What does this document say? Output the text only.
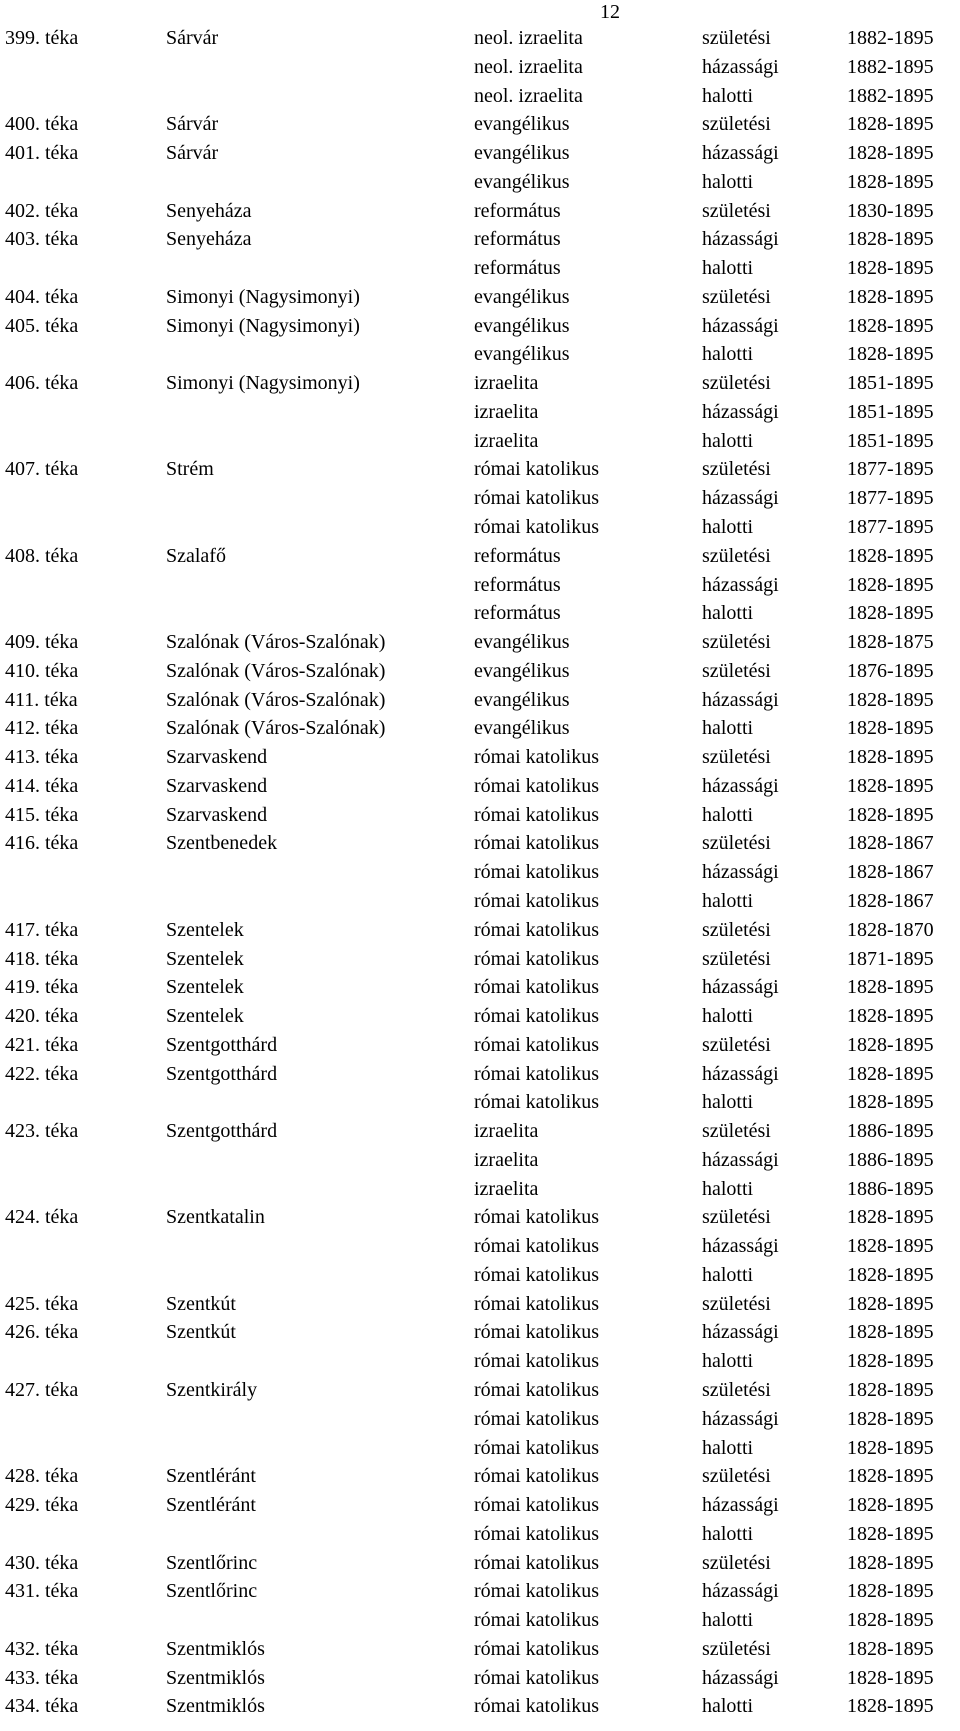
12
399. téka	Sárvár	neol. izraelita	születési	1882-1895
neol. izraelita	házassági	1882-1895
neol. izraelita	halotti	1882-1895
400. téka	Sárvár	evangélikus	születési	1828-1895
401. téka	Sárvár	evangélikus	házassági	1828-1895
evangélikus	halotti	1828-1895
402. téka	Senyeháza	református	születési	1830-1895
403. téka	Senyeháza	református	házassági	1828-1895
református	halotti	1828-1895
404. téka	Simonyi (Nagysimonyi)	evangélikus	születési	1828-1895
405. téka	Simonyi (Nagysimonyi)	evangélikus	házassági	1828-1895
evangélikus	halotti	1828-1895
406. téka	Simonyi (Nagysimonyi)	izraelita	születési	1851-1895
izraelita	házassági	1851-1895
izraelita	halotti	1851-1895
407. téka	Strém	római katolikus	születési	1877-1895
római katolikus	házassági	1877-1895
római katolikus	halotti	1877-1895
408. téka	Szalafő	református	születési	1828-1895
református	házassági	1828-1895
református	halotti	1828-1895
409. téka	Szalónak (Város-Szalónak)	evangélikus	születési	1828-1875
410. téka	Szalónak (Város-Szalónak)	evangélikus	születési	1876-1895
411. téka	Szalónak (Város-Szalónak)	evangélikus	házassági	1828-1895
412. téka	Szalónak (Város-Szalónak)	evangélikus	halotti	1828-1895
413. téka	Szarvaskend	római katolikus	születési	1828-1895
414. téka	Szarvaskend	római katolikus	házassági	1828-1895
415. téka	Szarvaskend	római katolikus	halotti	1828-1895
416. téka	Szentbenedek	római katolikus	születési	1828-1867
római katolikus	házassági	1828-1867
római katolikus	halotti	1828-1867
417. téka	Szentelek	római katolikus	születési	1828-1870
418. téka	Szentelek	római katolikus	születési	1871-1895
419. téka	Szentelek	római katolikus	házassági	1828-1895
420. téka	Szentelek	római katolikus	halotti	1828-1895
421. téka	Szentgotthárd	római katolikus	születési	1828-1895
422. téka	Szentgotthárd	római katolikus	házassági	1828-1895
római katolikus	halotti	1828-1895
423. téka	Szentgotthárd	izraelita	születési	1886-1895
izraelita	házassági	1886-1895
izraelita	halotti	1886-1895
424. téka	Szentkatalin	római katolikus	születési	1828-1895
római katolikus	házassági	1828-1895
római katolikus	halotti	1828-1895
425. téka	Szentkút	római katolikus	születési	1828-1895
426. téka	Szentkút	római katolikus	házassági	1828-1895
római katolikus	halotti	1828-1895
427. téka	Szentkirály	római katolikus	születési	1828-1895
római katolikus	házassági	1828-1895
római katolikus	halotti	1828-1895
428. téka	Szentléránt	római katolikus	születési	1828-1895
429. téka	Szentléránt	római katolikus	házassági	1828-1895
római katolikus	halotti	1828-1895
430. téka	Szentlőrinc	római katolikus	születési	1828-1895
431. téka	Szentlőrinc	római katolikus	házassági	1828-1895
római katolikus	halotti	1828-1895
432. téka	Szentmiklós	római katolikus	születési	1828-1895
433. téka	Szentmiklós	római katolikus	házassági	1828-1895
434. téka	Szentmiklós	római katolikus	halotti	1828-1895
